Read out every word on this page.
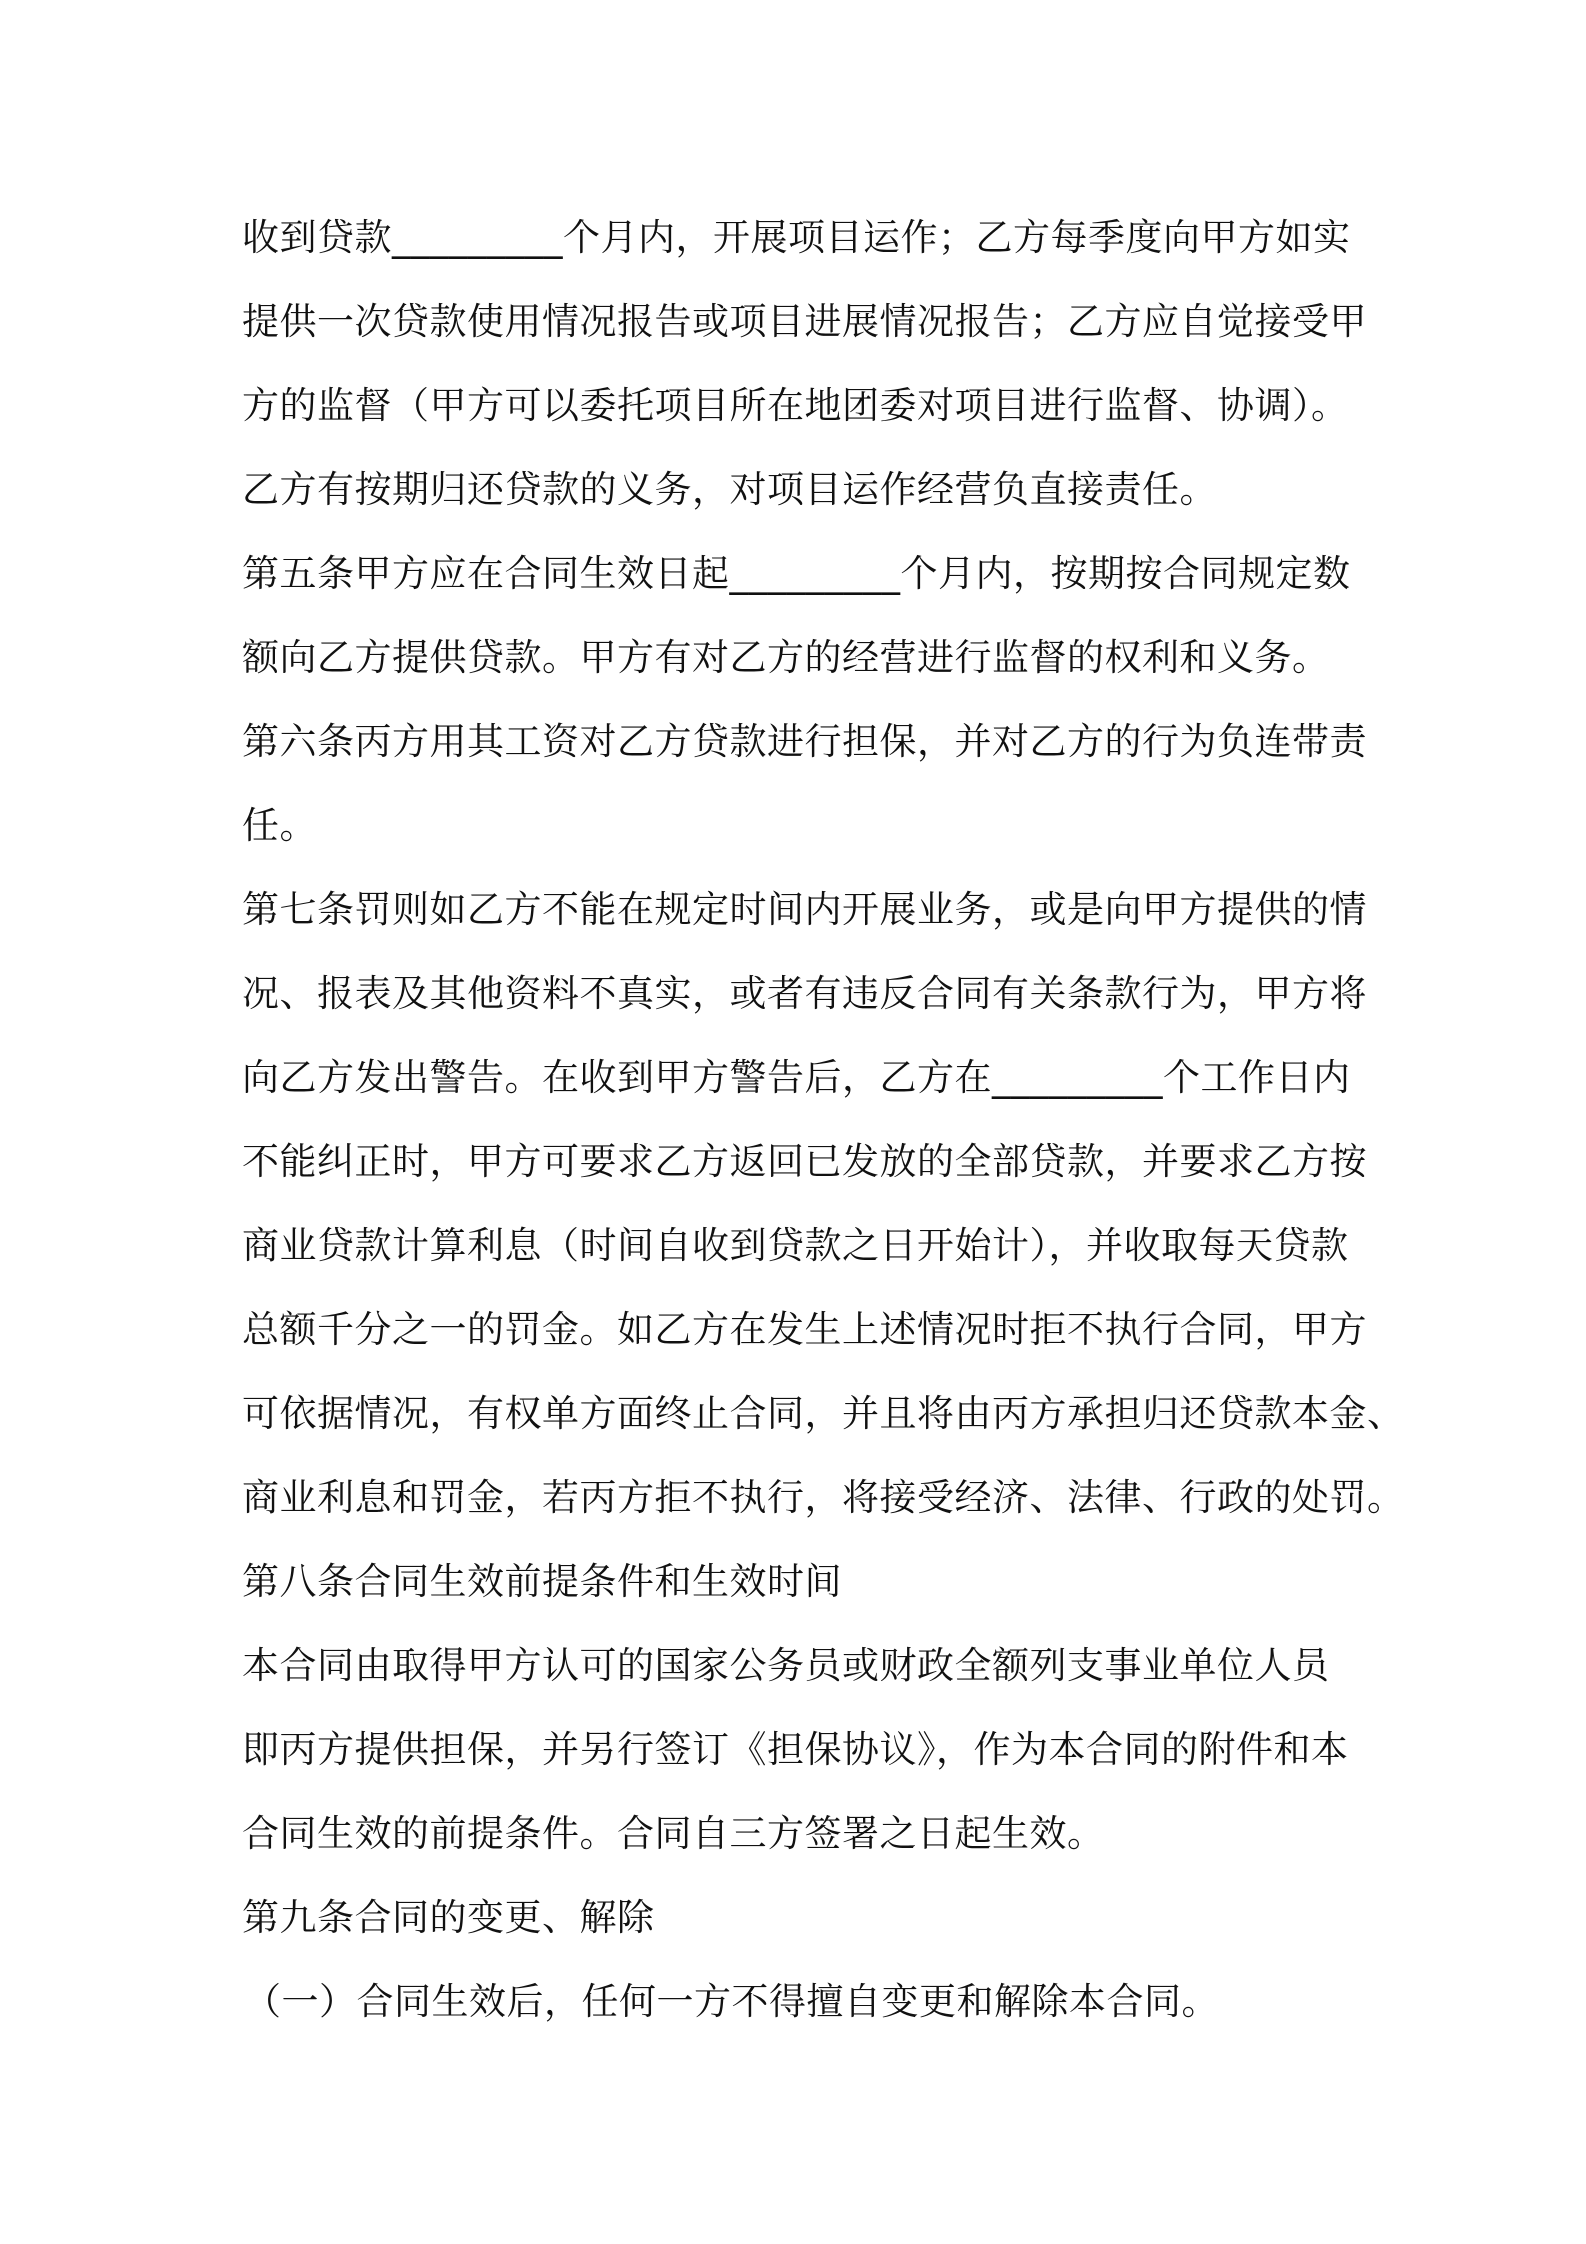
收到贷款_________个月内，开展项目运作；乙方每季度向甲方如实
提供一次贷款使用情况报告或项目进展情况报告；乙方应自觉接受甲
方的监督（甲方可以委托项目所在地团委对项目进行监督、协调）。
乙方有按期归还贷款的义务，对项目运作经营负直接责任。
第五条甲方应在合同生效日起_________个月内，按期按合同规定数
额向乙方提供贷款。甲方有对乙方的经营进行监督的权利和义务。
第六条丙方用其工资对乙方贷款进行担保，并对乙方的行为负连带责
任。
第七条罚则如乙方不能在规定时间内开展业务，或是向甲方提供的情
况、报表及其他资料不真实，或者有违反合同有关条款行为，甲方将
向乙方发出警告。在收到甲方警告后，乙方在_________个工作日内
不能纠正时，甲方可要求乙方返回已发放的全部贷款，并要求乙方按
商业贷款计算利息（时间自收到贷款之日开始计），并收取每天贷款
总额千分之一的罚金。如乙方在发生上述情况时拒不执行合同，甲方
可依据情况，有权单方面终止合同，并且将由丙方承担归还贷款本金、
商业利息和罚金，若丙方拒不执行，将接受经济、法律、行政的处罚。
第八条合同生效前提条件和生效时间
本合同由取得甲方认可的国家公务员或财政全额列支事业单位人员
即丙方提供担保，并另行签订《担保协议》，作为本合同的附件和本
合同生效的前提条件。合同自三方签署之日起生效。
第九条合同的变更、解除
（一）合同生效后，任何一方不得擅自变更和解除本合同。
